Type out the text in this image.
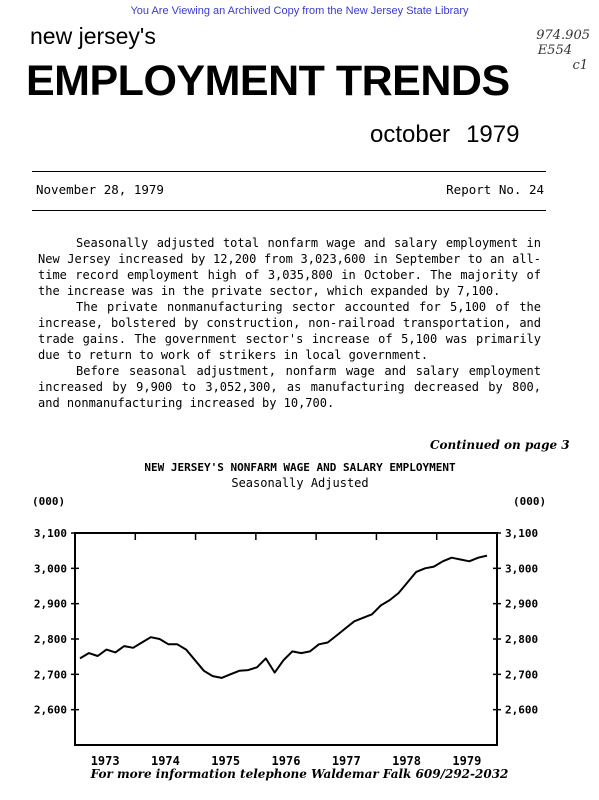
You Are Viewing an Archived Copy from the New Jersey State Library
new jersey's
EMPLOYMENT TRENDS
october 1979
974.905
E554
c1
November 28, 1979	Report No. 24

Seasonally adjusted total nonfarm wage and salary employment in New Jersey increased by 12,200 from 3,023,600 in September to an all-time record employment high of 3,035,800 in October. The majority of the increase was in the private sector, which expanded by 7,100.

The private nonmanufacturing sector accounted for 5,100 of the increase, bolstered by construction, non-railroad transportation, and trade gains. The government sector's increase of 5,100 was primarily due to return to work of strikers in local government.

Before seasonal adjustment, nonfarm wage and salary employment increased by 9,900 to 3,052,300, as manufacturing decreased by 800, and nonmanufacturing increased by 10,700.

Continued on page 3
NEW JERSEY'S NONFARM WAGE AND SALARY EMPLOYMENT
Seasonally Adjusted
(000)	(000)
3,100	3,100
3,000	3,000
2,900	2,900
2,800	2,800
2,700	2,700
2,600	2,600
1973	1974	1975	1976	1977	1978	1979
For more information telephone Waldemar Falk 609/292-2032
